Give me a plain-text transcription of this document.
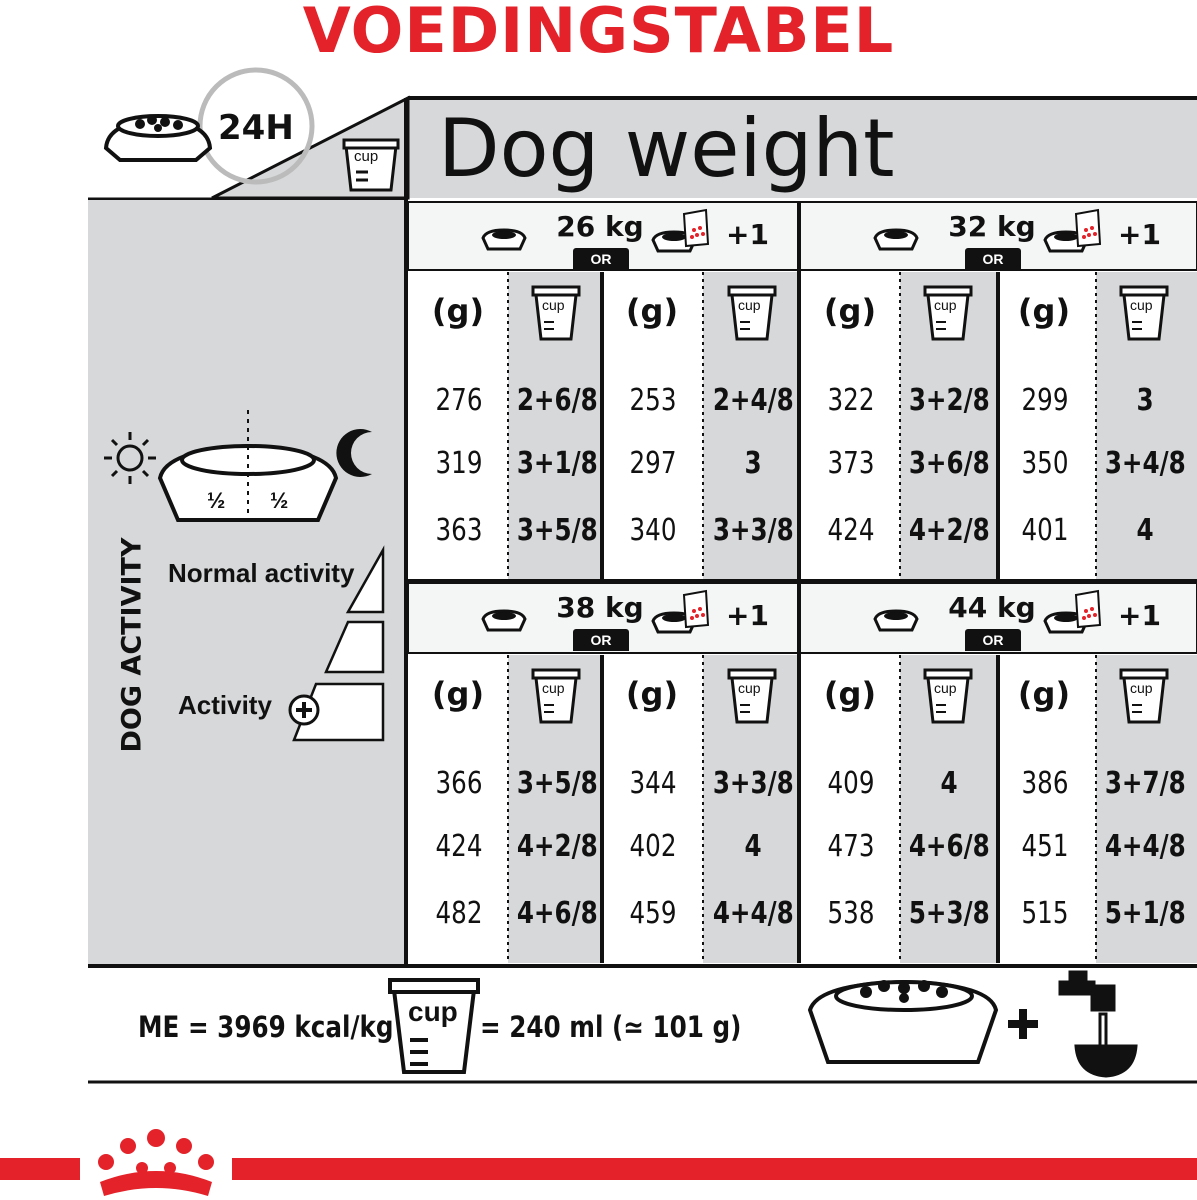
VOEDINGSTABEL
24H Dog weight
cup
½ ½
DOG ACTIVITY Normal activity
Activity
26 kg
OR
+1
(g)	cup	(g)	cup
276	2+6/8	253	2+4/8
319	3+1/8	297	3
363	3+5/8	340	3+3/8
32 kg
OR
+1
(g)	cup	(g)	cup
322	3+2/8	299	3
373	3+6/8	350	3+4/8
424	4+2/8	401	4
38 kg
OR
+1
(g)	cup	(g)	cup
366	3+5/8	344	3+3/8
424	4+2/8	402	4
482	4+6/8	459	4+4/8
44 kg
OR
+1
(g)	cup	(g)	cup
409	4	386	3+7/8
473	4+6/8	451	4+4/8
538	5+3/8	515	5+1/8
ME = 3969 kcal/kg cup = 240 ml (≃ 101 g)
